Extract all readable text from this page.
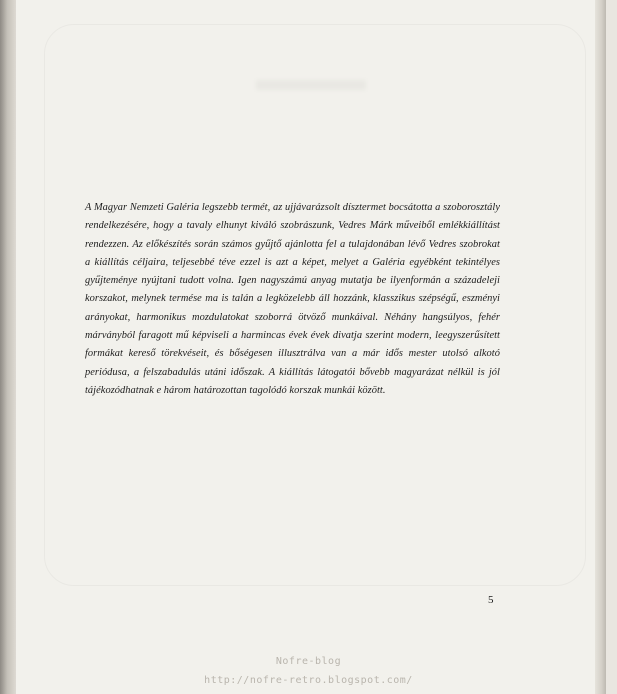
A Magyar Nemzeti Galéria legszebb termét, az ujjávarázsolt dísztermet bocsátotta a szoborosztály rendelkezésére, hogy a tavaly elhunyt kiváló szobrászunk, Vedres Márk műveiből emlékkiállítást rendezzen. Az előkészítés során számos gyűjtő ajánlotta fel a tulajdonában lévő Vedres szobrokat a kiállítás céljaira, teljesebbé téve ezzel is azt a képet, melyet a Galéria egyébként tekintélyes gyűjteménye nyújtani tudott volna. Igen nagyszámú anyag mutatja be ilyenformán a századeleji korszakot, melynek termése ma is talán a legközelebb áll hozzánk, klasszikus szépségű, eszményi arányokat, harmonikus mozdulatokat szoborrá ötvöző munkáival. Néhány hangsúlyos, fehér márványból faragott mű képviseli a harmincas évek évek divatja szerint modern, leegyszerűsített formákat kereső törekvéseit, és bőségesen illusztrálva van a már idős mester utolsó alkotó periódusa, a felszabadulás utáni időszak. A kiállítás látogatói bővebb magyarázat nélkül is jól tájékozódhatnak e három határozottan tagolódó korszak munkái között.

5
Nofre-blog
http://nofre-retro.blogspot.com/
